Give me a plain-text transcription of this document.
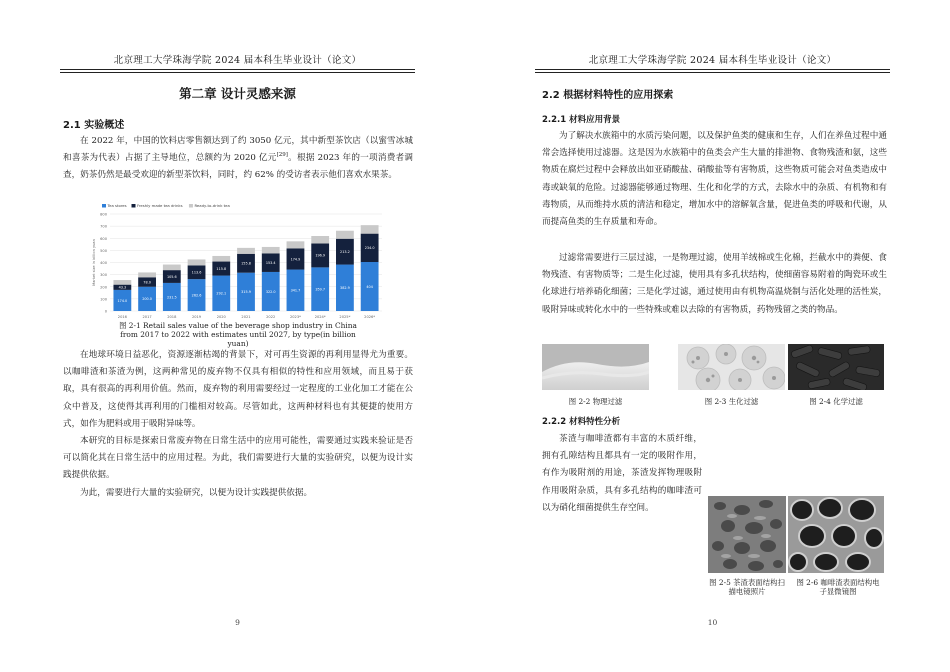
北京理工大学珠海学院 2024 届本科生毕业设计（论文）
第二章 设计灵感来源
2.1 实验概述

在 2022 年，中国的饮料店零售额达到了约 3050 亿元，其中新型茶饮店（以蜜雪冰城和喜茶为代表）占据了主导地位，总额约为 2020 亿元[29]。根据 2023 年的一项消费者调查，奶茶仍然是最受欢迎的新型茶饮料，同时，约 62% 的受访者表示他们喜欢水果茶。

0
100
200
300
400
500
600
700
800
Market size in billion yuan
Tea stores	Freshly made tea drinks	Ready-to-drink tea
174.0
43.3
2016
200.0
78.0
2017
231.5
105.6
2018
262.6
113.6
2019
292.1
115.8
2020
315.9
155.8
2021
322.0
153.4
2022
341.7
174.9
2023*
359.7
196.9
2024*
382.9
213.2
2025*
404
234.0
2026*
图 2-1 Retail sales value of the beverage shop industry in China from 2017 to 2022 with estimates until 2027, by type(in billion yuan)

在地球环境日益恶化，资源逐渐枯竭的背景下，对可再生资源的再利用显得尤为重要。以咖啡渣和茶渣为例，这两种常见的废弃物不仅具有相似的特性和应用领域，而且易于获取，具有很高的再利用价值。然而，废弃物的利用需要经过一定程度的工业化加工才能在公众中普及，这使得其再利用的门槛相对较高。尽管如此，这两种材料也有其便捷的使用方式，如作为肥料或用于吸附异味等。

本研究的目标是探索日常废弃物在日常生活中的应用可能性，需要通过实践来验证是否可以简化其在日常生活中的应用过程。为此，我们需要进行大量的实验研究，以便为设计实践提供依据。

为此，需要进行大量的实验研究，以便为设计实践提供依据。

9
北京理工大学珠海学院 2024 届本科生毕业设计（论文）
2.2 根据材料特性的应用探索
2.2.1 材料应用背景

为了解决水族箱中的水质污染问题，以及保护鱼类的健康和生存，人们在养鱼过程中通常会选择使用过滤器。这是因为水族箱中的鱼类会产生大量的排泄物、食物残渣和氨，这些物质在腐烂过程中会释放出如亚硝酸盐、硝酸盐等有害物质，这些物质可能会对鱼类造成中毒或缺氧的危险。过滤器能够通过物理、生化和化学的方式，去除水中的杂质、有机物和有毒物质，从而维持水质的清洁和稳定，增加水中的溶解氧含量，促进鱼类的呼吸和代谢，从而提高鱼类的生存质量和寿命。

过滤常需要进行三层过滤，一是物理过滤，使用羊绒棉或生化棉，拦截水中的粪便、食物残渣、有害物质等；二是生化过滤，使用具有多孔状结构，使细菌容易附着的陶瓷环或生化球进行培养硝化细菌；三是化学过滤，通过使用由有机物高温烧制与活化处理的活性炭，吸附异味或转化水中的一些特殊或难以去除的有害物质，药物残留之类的物品。

图 2-2 物理过滤	图 2-3 生化过滤	图 2-4 化学过滤
2.2.2 材料特性分析

茶渣与咖啡渣都有丰富的木质纤维，拥有孔隙结构且都具有一定的吸附作用，有作为吸附剂的用途，茶渣发挥物理吸附作用吸附杂质，具有多孔结构的咖啡渣可以为硝化细菌提供生存空间。

图 2-5 茶渣表面结构扫描电镜照片
图 2-6 咖啡渣表面结构电子显微镜图
10
